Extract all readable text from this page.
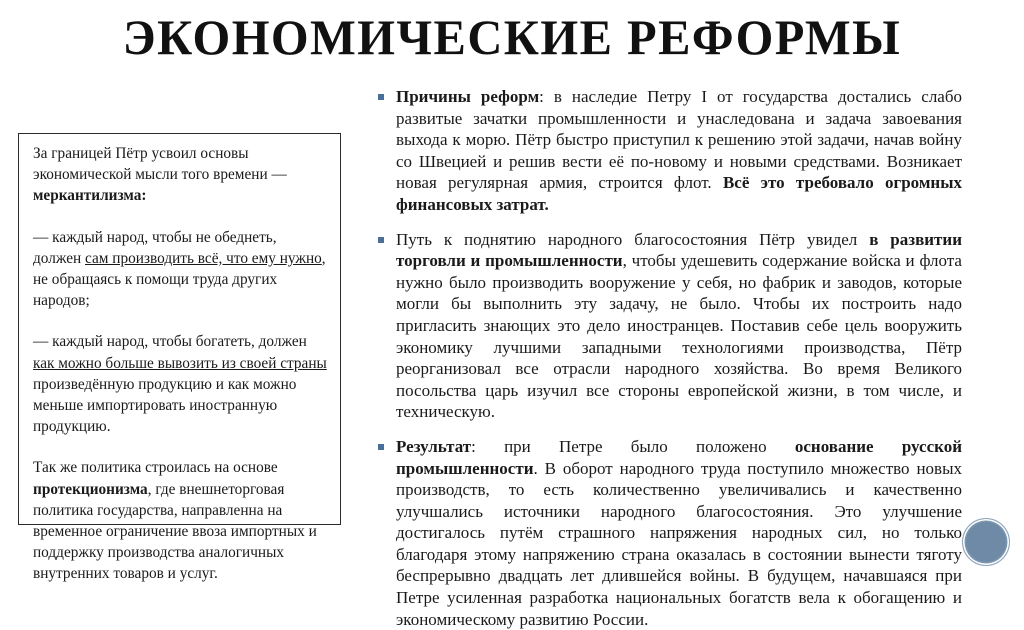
ЭКОНОМИЧЕСКИЕ РЕФОРМЫ

За границей Пётр усвоил основы экономической мысли того времени — меркантилизма:

— каждый народ, чтобы не обеднеть, должен сам производить всё, что ему нужно, не обращаясь к помощи труда других народов;

— каждый народ, чтобы богатеть, должен как можно больше вывозить из своей страны произведённую продукцию и как можно меньше импортировать иностранную продукцию.

Так же политика строилась на основе протекционизма, где внешнеторговая политика государства, направленна на временное ограничение ввоза импортных и поддержку производства аналогичных внутренних товаров и услуг.

Причины реформ: в наследие Петру I от государства достались слабо развитые зачатки промышленности и унаследована и задача завоевания выхода к морю. Пётр быстро приступил к решению этой задачи, начав войну со Швецией и решив вести её по-новому и новыми средствами. Возникает новая регулярная армия, строится флот. Всё это требовало огромных финансовых затрат.
Путь к поднятию народного благосостояния Пётр увидел в развитии торговли и промышленности, чтобы удешевить содержание войска и флота нужно было производить вооружение у себя, но фабрик и заводов, которые могли бы выполнить эту задачу, не было. Чтобы их построить надо пригласить знающих это дело иностранцев. Поставив себе цель вооружить экономику лучшими западными технологиями производства, Пётр реорганизовал все отрасли народного хозяйства. Во время Великого посольства царь изучил все стороны европейской жизни, в том числе, и техническую.
Результат: при Петре было положено основание русской промышленности. В оборот народного труда поступило множество новых производств, то есть количественно увеличивались и качественно улучшались источники народного благосостояния. Это улучшение достигалось путём страшного напряжения народных сил, но только благодаря этому напряжению страна оказалась в состоянии вынести тяготу беспрерывно двадцать лет длившейся войны. В будущем, начавшаяся при Петре усиленная разработка национальных богатств вела к обогащению и экономическому развитию России.
